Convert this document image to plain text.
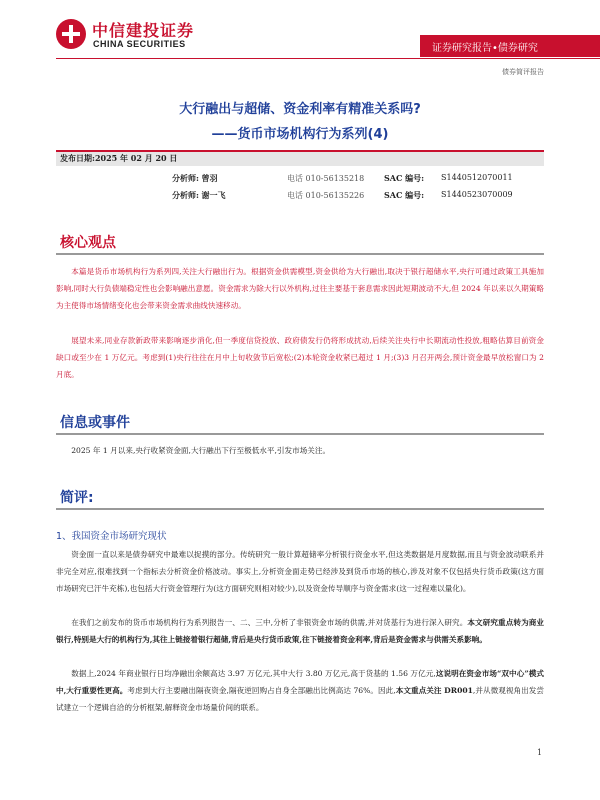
中信建投证券
CHINA SECURITIES	证券研究报告•债券研究
债券简评报告
大行融出与超储、资金利率有精准关系吗?
——货币市场机构行为系列(4)
发布日期:2025 年 02 月 20 日
分析师: 曾羽	电话 010-56135218 SAC 编号: S1440512070011
分析师: 谢一飞	电话 010-56135226 SAC 编号: S1440523070009
核心观点

本篇是货币市场机构行为系列四,关注大行融出行为。根据资金供需模型,资金供给为大行融出,取决于银行超储水平,央行可通过政策工具施加影响,同时大行负债端稳定性也会影响融出意愿。资金需求为除大行以外机构,过往主要基于套息需求因此短期波动不大,但 2024 年以来以久期策略为主使得市场情绪变化也会带来资金需求曲线快速移动。

展望未来,同业存款新政带来影响逐步消化,但一季度信贷投放、政府债发行仍将形成扰动,后续关注央行中长期流动性投放,粗略估算目前资金缺口或至少在 1 万亿元。考虑到(1)央行往往在月中上旬收敛节后宽松;(2)本轮资金收紧已超过 1 月;(3)3 月召开两会,预计资金最早放松窗口为 2 月底。

信息或事件

2025 年 1 月以来,央行收紧资金面,大行融出下行至极低水平,引发市场关注。

简评:
1、我国资金市场研究现状

资金面一直以来是债券研究中最难以捉摸的部分。传统研究一般计算超储率分析银行资金水平,但这类数据是月度数据,而且与资金波动联系并非完全对应,很难找到一个指标去分析资金价格波动。事实上,分析资金面走势已经涉及到货币市场的核心,涉及对象不仅包括央行货币政策(这方面市场研究已汗牛充栋),也包括大行资金管理行为(这方面研究则相对较少),以及资金传导顺序与资金需求(这一过程难以量化)。

在我们之前发布的货币市场机构行为系列报告一、二、三中,分析了非银资金市场的供需,并对货基行为进行深入研究。本文研究重点转为商业银行,特别是大行的机构行为,其往上链接着银行超储,背后是央行货币政策,往下链接着资金利率,背后是资金需求与供需关系影响。

数据上,2024 年商业银行日均净融出余额高达 3.97 万亿元,其中大行 3.80 万亿元,高于货基的 1.56 万亿元,这说明在资金市场“双中心”模式中,大行重要性更高。考虑到大行主要融出隔夜资金,隔夜逆回购占自身全部融出比例高达 76%。因此,本文重点关注 DR001,并从微观视角出发尝试建立一个逻辑自洽的分析框架,解释资金市场量价间的联系。

1
